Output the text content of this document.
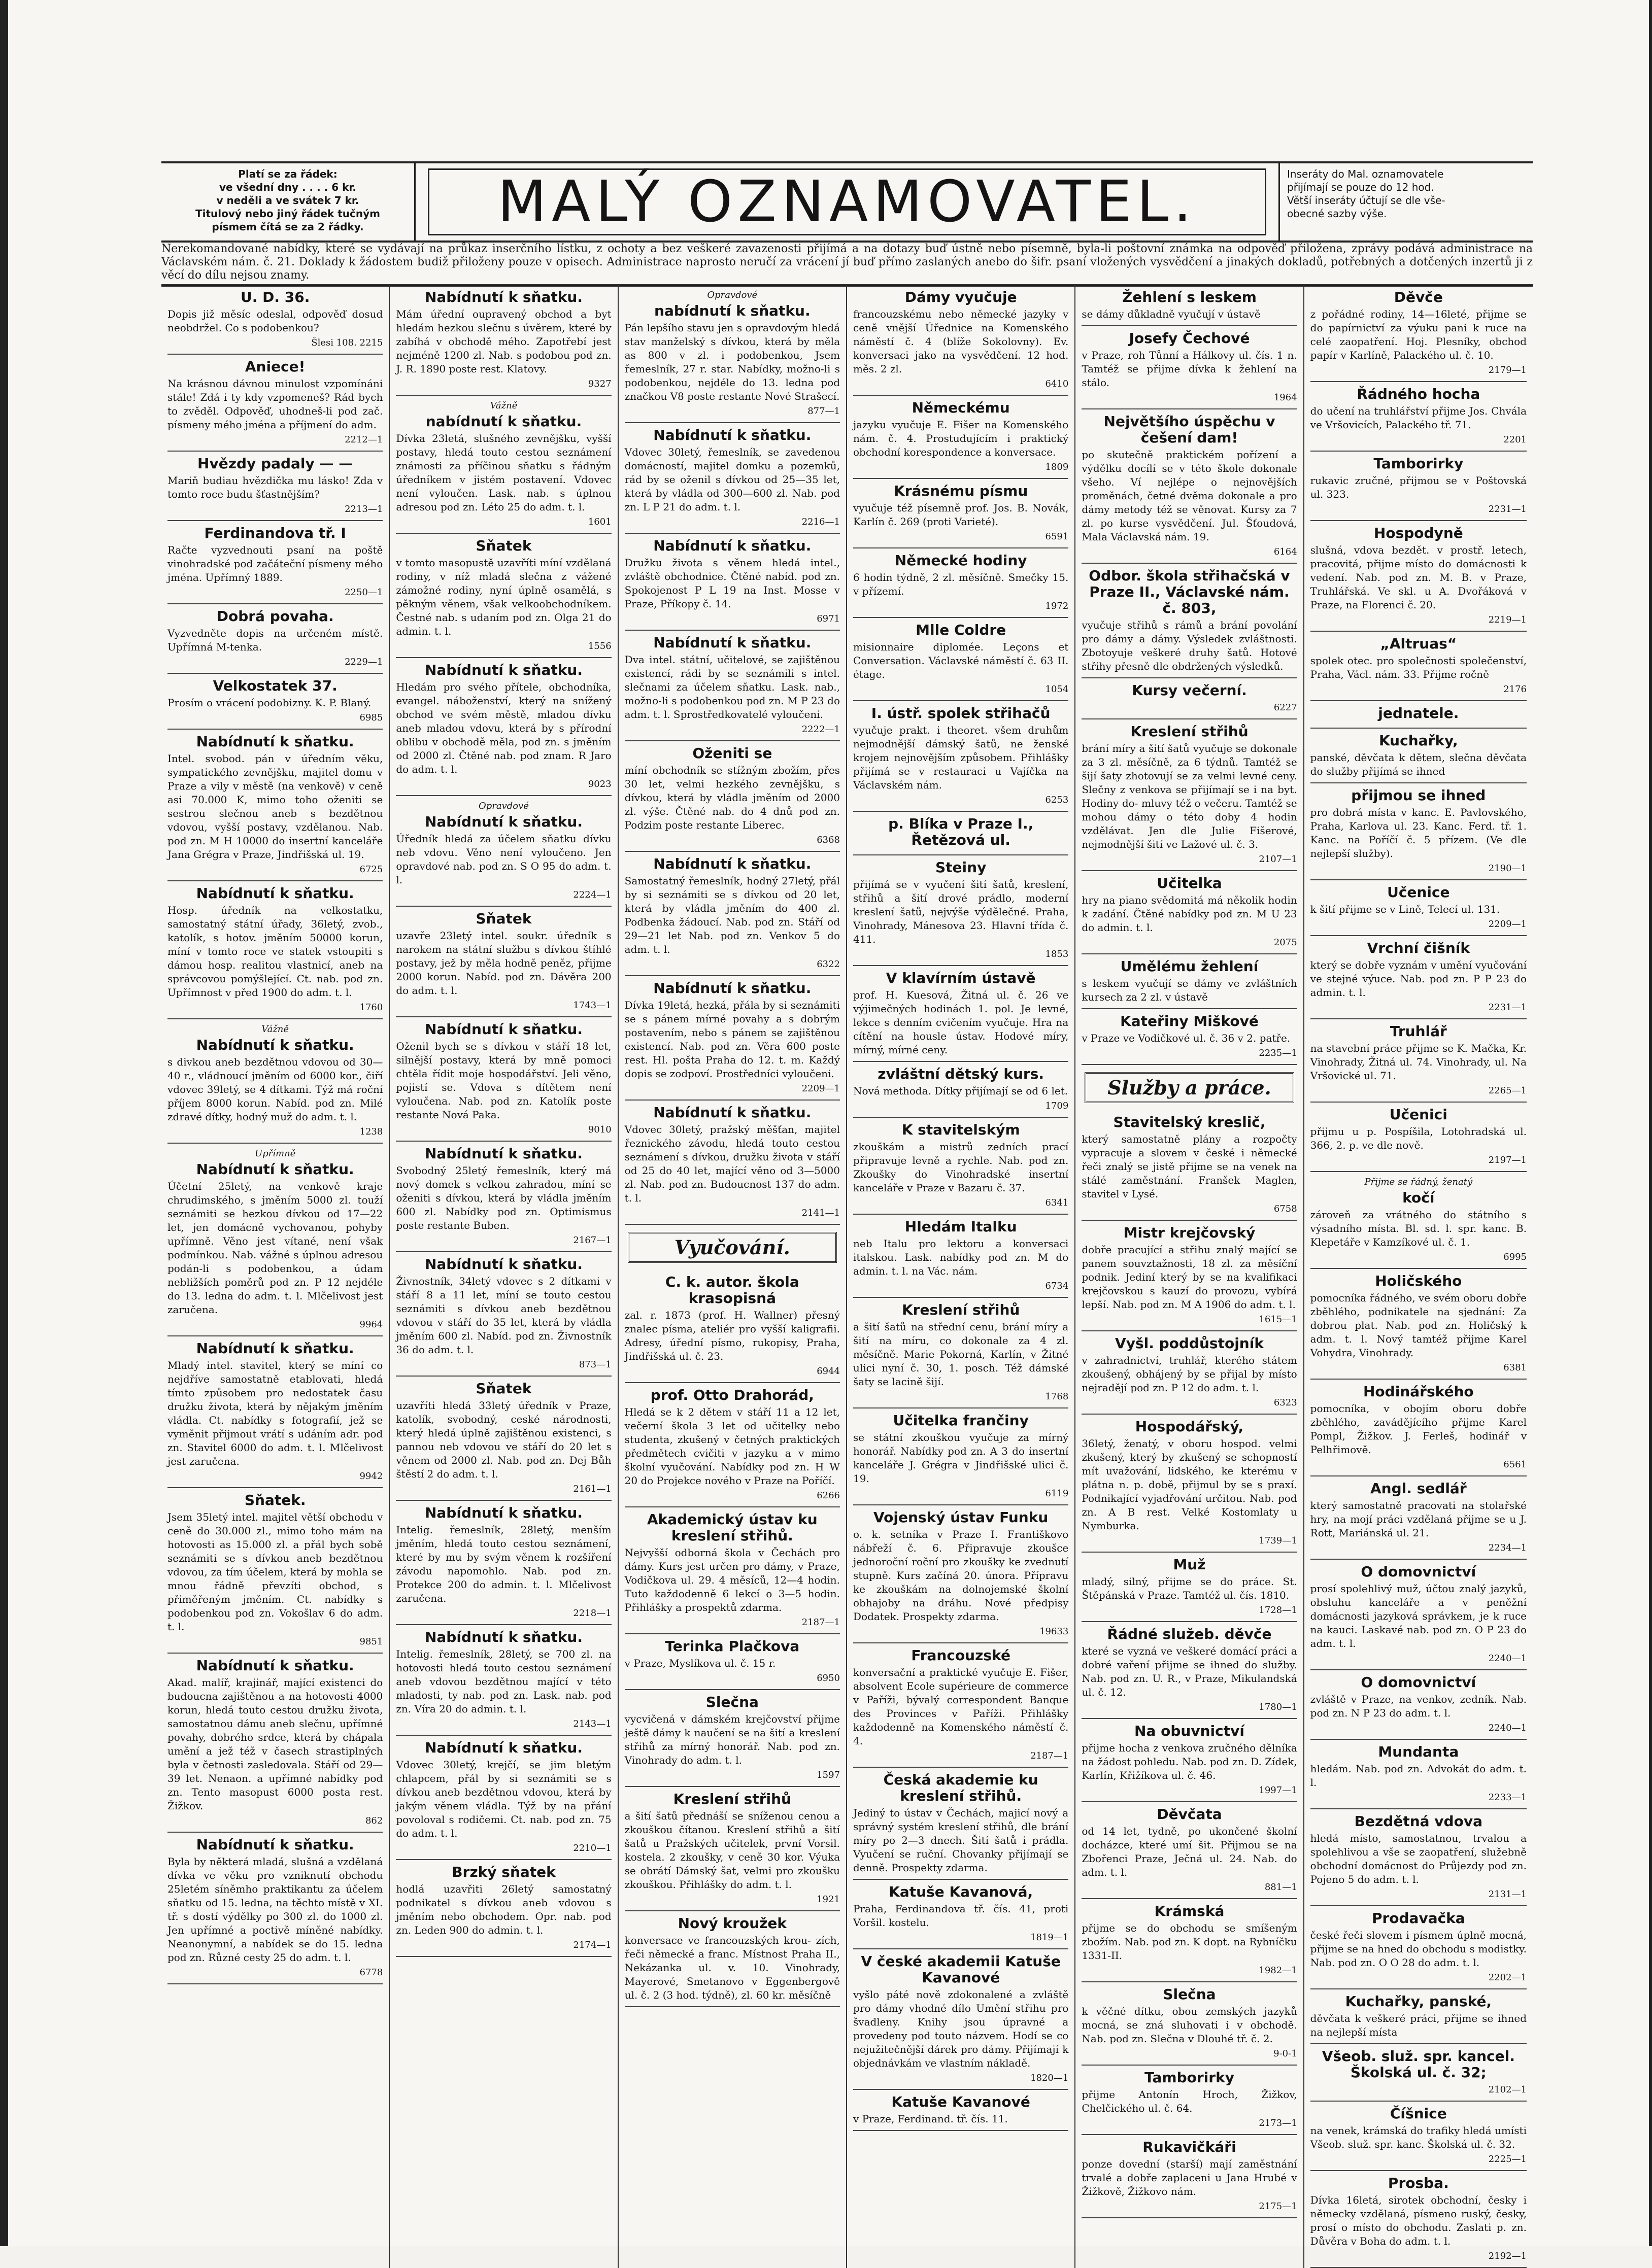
Platí se za řádek:
ve všední dny . . . . 6 kr.
v neděli a ve svátek 7 kr.
Titulový nebo jiný řádek tučným
písmem čítá se za 2 řádky.	MALÝ OZNAMOVATEL.	Inseráty do Mal. oznamovatele
přijímají se pouze do 12 hod.
Větší inseráty účtují se dle vše-
obecné sazby výše.
Nerekomandované nabídky, které se vydávají na průkaz inserčního lístku, z ochoty a bez veškeré zavazenosti přijímá a na dotazy buď ústně nebo písemně, byla-li poštovní známka na odpověď přiložena, zprávy podává administrace na Václavském nám. č. 21. Doklady k žádostem budiž přiloženy pouze v opisech. Administrace naprosto neručí za vrácení jí buď přímo zaslaných anebo do šifr. psaní vložených vysvědčení a jinakých dokladů, potřebných a dotčených inzertů ji z věcí do dílu nejsou znamy.
U. D. 36.

Dopis již měsíc odeslal, odpověď dosud neobdržel. Co s podobenkou?

Šlesi 108. 2215
Aniece!

Na krásnou dávnou minulost vzpomínáni stále! Zdá i ty kdy vzpomeneš? Rád bych to zvěděl. Odpověď, uhodneš-li pod zač. písmeny mého jména a příjmení do adm.

2212—1
Hvězdy padaly — —

Mariň budiau hvězdička mu lásko! Zda v tomto roce budu šťastnějším?

2213—1
Ferdinandova tř. I

Račte vyzvednouti psaní na poště vinohradské pod začáteční písmeny mého jména. Upřímný 1889.

2250—1
Dobrá povaha.

Vyzvedněte dopis na určeném místě. Upřímná M-tenka.

2229—1
Velkostatek 37.

Prosím o vrácení podobizny. K. P. Blaný.

6985
Nabídnutí k sňatku.

Intel. svobod. pán v úředním věku, sympatického zevnějšku, majitel domu v Praze a vily v městě (na venkově) v ceně asi 70.000 K, mimo toho oženiti se sestrou slečnou aneb s bezdětnou vdovou, vyšší postavy, vzdělanou. Nab. pod zn. M H 10000 do insertní kanceláře Jana Grégra v Praze, Jindřišská ul. 19.

6725
Nabídnutí k sňatku.

Hosp. úředník na velkostatku, samostatný státní úřady, 36letý, zvob., katolík, s hotov. jměním 50000 korun, míní v tomto roce ve statek vstoupiti s dámou hosp. realitou vlastnicí, aneb na správcovou pomýšlející. Ct. nab. pod zn. Upřímnost v před 1900 do adm. t. l.

1760
Vážně
Nabídnutí k sňatku.

s divkou aneb bezdětnou vdovou od 30—40 r., vládnoucí jměním od 6000 kor., čiří vdovec 39letý, se 4 dítkami. Týž má roční příjem 8000 korun. Nabíd. pod zn. Milé zdravé dítky, hodný muž do adm. t. l.

1238
Upřímně
Nabídnutí k sňatku.

Účetní 25letý, na venkově kraje chrudimského, s jměním 5000 zl. touží seznámiti se hezkou dívkou od 17—22 let, jen domácně vychovanou, pohyby upřímně. Věno jest vítané, není však podmínkou. Nab. vážné s úplnou adresou podán-li s podobenkou, a údam nebližších poměrů pod zn. P 12 nejdéle do 13. ledna do adm. t. l. Mlčelivost jest zaručena.

9964
Nabídnutí k sňatku.

Mladý intel. stavitel, který se míní co nejdříve samostatně etablovati, hledá tímto způsobem pro nedostatek času družku života, která by nějakým jměním vládla. Ct. nabídky s fotografií, jež se vyměnit přijmout vrátí s udáním adr. pod zn. Stavitel 6000 do adm. t. l. Mlčelivost jest zaručena.

9942
Sňatek.

Jsem 35letý intel. majitel větší obchodu v ceně do 30.000 zl., mimo toho mám na hotovosti as 15.000 zl. a přál bych sobě seznámiti se s dívkou aneb bezdětnou vdovou, za tím účelem, která by mohla se mnou řádně převzíti obchod, s přiměřeným jměním. Ct. nabídky s podobenkou pod zn. Vokošlav 6 do adm. t. l.

9851
Nabídnutí k sňatku.

Akad. malíř, krajinář, mající existenci do budoucna zajištěnou a na hotovosti 4000 korun, hledá touto cestou družku života, samostatnou dámu aneb slečnu, upřímné povahy, dobrého srdce, která by chápala umění a jež též v časech strastiplných byla v četnosti zasledovala. Stáří od 29—39 let. Nenaon. a upřímné nabídky pod zn. Tento masopust 6000 posta rest. Žižkov.

862
Nabídnutí k sňatku.

Byla by některá mladá, slušná a vzdělaná dívka ve věku pro vzniknutí obchodu 25letém síněmho praktikantu za účelem sňatku od 15. ledna, na těchto místě v XI. tř. s dostí výdělky po 300 zl. do 1000 zl. Jen upřímné a poctivě míněné nabídky. Neanonymní, a nabídek se do 15. ledna pod zn. Různé cesty 25 do adm. t. l.

6778
Nabídnutí k sňatku.

Mám úřední oupravený obchod a byt hledám hezkou slečnu s úvěrem, které by zabíhá v obchodě mého. Zapotřebí jest nejméně 1200 zl. Nab. s podobou pod zn. J. R. 1890 poste rest. Klatovy.

9327
Vážně
nabídnutí k sňatku.

Dívka 23letá, slušného zevnějšku, vyšší postavy, hledá touto cestou seznámení známosti za příčinou sňatku s řádným úředníkem v jistém postavení. Vdovec není vyloučen. Lask. nab. s úplnou adresou pod zn. Léto 25 do adm. t. l.

1601
Sňatek

v tomto masopustě uzavříti míní vzdělaná rodiny, v níž mladá slečna z vážené zámožné rodiny, nyní úplně osamělá, s pěkným věnem, však velkoobchodníkem. Čestné nab. s udaním pod zn. Olga 21 do admin. t. l.

1556
Nabídnutí k sňatku.

Hledám pro svého přítele, obchodníka, evangel. náboženství, který na snížený obchod ve svém městě, mladou dívku aneb mladou vdovu, která by s přírodní oblibu v obchodě měla, pod zn. s jměním od 2000 zl. Čtěné nab. pod znam. R Jaro do adm. t. l.

9023
Opravdové
Nabídnutí k sňatku.

Úředník hledá za účelem sňatku dívku neb vdovu. Věno není vyloučeno. Jen opravdové nab. pod zn. S O 95 do adm. t. l.

2224—1
Sňatek

uzavře 23letý intel. soukr. úředník s narokem na státní službu s dívkou štíhlé postavy, jež by měla hodně peněz, přijme 2000 korun. Nabíd. pod zn. Dávěra 200 do adm. t. l.

1743—1
Nabídnutí k sňatku.

Oženil bych se s dívkou v stáří 18 let, silnější postavy, která by mně pomoci chtěla řídit moje hospodářství. Jeli věno, pojistí se. Vdova s dítětem není vyloučena. Nab. pod zn. Katolík poste restante Nová Paka.

9010
Nabídnutí k sňatku.

Svobodný 25letý řemeslník, který má nový domek s velkou zahradou, míní se oženiti s dívkou, která by vládla jměním 600 zl. Nabídky pod zn. Optimismus poste restante Buben.

2167—1
Nabídnutí k sňatku.

Živnostník, 34letý vdovec s 2 dítkami v stáří 8 a 11 let, míní se touto cestou seznámiti s dívkou aneb bezdětnou vdovou v stáří do 35 let, která by vládla jměním 600 zl. Nabíd. pod zn. Živnostník 36 do adm. t. l.

873—1
Sňatek

uzavříti hledá 33letý úředník v Praze, katolík, svobodný, ceské národnosti, který hledá úplně zajištěnou existenci, s pannou neb vdovou ve stáří do 20 let s věnem od 2000 zl. Nab. pod zn. Dej Bůh štěstí 2 do adm. t. l.

2161—1
Nabídnutí k sňatku.

Intelig. řemeslník, 28letý, menším jměním, hledá touto cestou seznámení, které by mu by svým věnem k rozšíření závodu napomohlo. Nab. pod zn. Protekce 200 do admin. t. l. Mlčelivost zaručena.

2218—1
Nabídnutí k sňatku.

Intelig. řemeslník, 28letý, se 700 zl. na hotovosti hledá touto cestou seznámení aneb vdovou bezdětnou mající v této mladosti, ty nab. pod zn. Lask. nab. pod zn. Víra 20 do admin. t. l.

2143—1
Nabídnutí k sňatku.

Vdovec 30letý, krejčí, se jim bletým chlapcem, přál by si seznámiti se s dívkou aneb bezdětnou vdovou, která by jakým věnem vládla. Týž by na přání povoloval s rodičemi. Ct. nab. pod zn. 75 do adm. t. l.

2210—1
Brzký sňatek

hodlá uzavřiti 26letý samostatný podnikatel s dívkou aneb vdovou s jměním nebo obchodem. Opr. nab. pod zn. Leden 900 do admin. t. l.

2174—1
Opravdové
nabídnutí k sňatku.

Pán lepšího stavu jen s opravdovým hledá stav manželský s dívkou, která by měla as 800 v zl. i podobenkou, Jsem řemeslník, 27 r. star. Nabídky, možno-li s podobenkou, nejdéle do 13. ledna pod značkou V8 poste restante Nové Strašecí.

877—1
Nabídnutí k sňatku.

Vdovec 30letý, řemeslník, se zavedenou domácností, majitel domku a pozemků, rád by se oženil s dívkou od 25—35 let, která by vládla od 300—600 zl. Nab. pod zn. L P 21 do adm. t. l.

2216—1
Nabídnutí k sňatku.

Družku života s věnem hledá intel., zvláště obchodnice. Čtěné nabíd. pod zn. Spokojenost P L 19 na Inst. Mosse v Praze, Příkopy č. 14.

6971
Nabídnutí k sňatku.

Dva intel. státní, učitelové, se zajištěnou existencí, rádi by se seznámili s intel. slečnami za účelem sňatku. Lask. nab., možno-li s podobenkou pod zn. M P 23 do adm. t. l. Sprostředkovatelé vyloučeni.

2222—1
Oženiti se

míní obchodník se stížným zbožím, přes 30 let, velmi hezkého zevnějšku, s dívkou, která by vládla jměním od 2000 zl. výše. Čtěné nab. do 4 dnů pod zn. Podzim poste restante Liberec.

6368
Nabídnutí k sňatku.

Samostatný řemeslník, hodný 27letý, přál by si seznámiti se s dívkou od 20 let, která by vládla jměním do 400 zl. Podbenka žádoucí. Nab. pod zn. Stáří od 29—21 let Nab. pod zn. Venkov 5 do adm. t. l.

6322
Nabídnutí k sňatku.

Dívka 19letá, hezká, přála by si seznámiti se s pánem mírné povahy a s dobrým postavením, nebo s pánem se zajištěnou existencí. Nab. pod zn. Věra 600 poste rest. Hl. pošta Praha do 12. t. m. Každý dopis se zodpoví. Prostředníci vyloučeni.

2209—1
Nabídnutí k sňatku.

Vdovec 30letý, pražský měšťan, majitel řeznického závodu, hledá touto cestou seznámení s dívkou, družku života v stáří od 25 do 40 let, mající věno od 3—5000 zl. Nab. pod zn. Budoucnost 137 do adm. t. l.

2141—1
Vyučování.
C. k. autor. škola krasopisná

zal. r. 1873 (prof. H. Wallner) přesný znalec písma, ateliér pro vyšší kaligrafii. Adresy, úřední písmo, rukopisy, Praha, Jindřišská ul. č. 23.

6944
prof. Otto Drahorád,

Hledá se k 2 dětem v stáří 11 a 12 let, večerní škola 3 let od učitelky nebo studenta, zkušený v četných praktických předmětech cvičiti v jazyku a v mimo školní vyučování. Nabídky pod zn. H W 20 do Projekce nového v Praze na Poříčí.

6266
Akademický ústav ku kreslení střihů.

Nejvyšší odborná škola v Čechách pro dámy. Kurs jest určen pro dámy, v Praze, Vodičkova ul. 29. 4 měsíců, 12—4 hodin. Tuto každodenně 6 lekcí o 3—5 hodin. Přihlášky a prospektů zdarma.

2187—1
Terinka Plačkova

v Praze, Myslíkova ul. č. 15 r.

6950
Slečna

vycvičená v dámském krejčovství přijme ještě dámy k naučení se na šití a kreslení střihů za mírný honorář. Nab. pod zn. Vinohrady do adm. t. l.

1597
Kreslení střihů

a šití šatů přednáší se sníženou cenou a zkouškou čítanou. Kreslení střihů a šití šatů u Pražských učitelek, první Vorsil. kostela. 2 zkoušky, v ceně 30 kor. Výuka se obrátí Dámský šat, velmi pro zkoušku zkouškou. Přihlášky do adm. t. l.

1921
Nový kroužek

konversace ve francouzských krou- zích, řeči německé a franc. Místnost Praha II., Nekázanka ul. v. 10. Vinohrady, Mayerové, Smetanovo v Eggenbergově ul. č. 2 (3 hod. týdně), zl. 60 kr. měsíčně

Dámy vyučuje

francouzskému nebo německé jazyky v ceně vnější Úřednice na Komenského náměstí č. 4 (blíže Sokolovny). Ev. konversaci jako na vysvědčení. 12 hod. měs. 2 zl.

6410
Německému

jazyku vyučuje E. Fišer na Komenského nám. č. 4. Prostudujícím i praktický obchodní korespondence a konversace.

1809
Krásnému písmu

vyučuje též písemně prof. Jos. B. Novák, Karlín č. 269 (proti Varieté).

6591
Německé hodiny

6 hodin týdně, 2 zl. měsíčně. Smečky 15. v přízemí.

1972
Mlle Coldre

misionnaire diplomée. Leçons et Conversation. Václavské náměstí č. 63 II. étage.

1054
I. ústř. spolek střihačů

vyučuje prakt. i theoret. všem druhům nejmodnější dámský šatů, ne ženské krojem nejnovějším způsobem. Přihlášky přijímá se v restauraci u Vajíčka na Václavském nám.

6253
p. Blíka v Praze I., Řetězová ul.
Steiny

přijímá se v vyučení šití šatů, kreslení, střihů a šití drové prádlo, moderní kreslení šatů, nejvýše výdělečné. Praha, Vinohrady, Mánesova 23. Hlavní třída č. 411.

1853
V klavírním ústavě

prof. H. Kuesová, Žitná ul. č. 26 ve výjimečných hodinách 1. pol. Je levné, lekce s denním cvičením vyučuje. Hra na cítění na housle ústav. Hodové míry, mírný, mírné ceny.

zvláštní dětský kurs.

Nová methoda. Dítky přijímají se od 6 let.

1709
K stavitelským

zkouškám a mistrů zedních prací připravuje levně a rychle. Nab. pod zn. Zkoušky do Vinohradské insertní kanceláře v Praze v Bazaru č. 37.

6341
Hledám Italku

neb Italu pro lektoru a konversaci italskou. Lask. nabídky pod zn. M do admin. t. l. na Vác. nám.

6734
Kreslení střihů

a šití šatů na střední cenu, brání míry a šití na míru, co dokonale za 4 zl. měsíčně. Marie Pokorná, Karlín, v Žitné ulici nyní č. 30, 1. posch. Též dámské šaty se lacině šijí.

1768
Učitelka frančiny

se státní zkouškou vyučuje za mírný honorář. Nabídky pod zn. A 3 do insertní kanceláře J. Grégra v Jindřišské ulici č. 19.

6119
Vojenský ústav Funku

o. k. setníka v Praze I. Františkovo nábřeží č. 6. Připravuje zkoušce jednoroční roční pro zkoušky ke zvednutí stupně. Kurs začíná 20. února. Přípravu ke zkouškám na dolnojemské školní obhajoby na dráhu. Nové předpisy Dodatek. Prospekty zdarma.

19633
Francouzské

konversační a praktické vyučuje E. Fišer, absolvent Ecole supérieure de commerce v Paříži, bývalý correspondent Banque des Provinces v Paříži. Přihlášky každodenně na Komenského náměstí č. 4.

2187—1
Česká akademie ku kreslení střihů.

Jediný to ústav v Čechách, majicí nový a správný systém kreslení střihů, dle brání míry po 2—3 dnech. Šití šatů i prádla. Vyučení se ruční. Chovanky přijímají se denně. Prospekty zdarma.

Katuše Kavanová,

Praha, Ferdinandova tř. čís. 41, proti Voršil. kostelu.

1819—1
V české akademii Katuše Kavanové

vyšlo páté nově zdokonalené a zvláště pro dámy vhodné dílo Umění střihu pro švadleny. Knihy jsou úpravné a provedeny pod touto názvem. Hodí se co nejužitečnější dárek pro dámy. Přijímají k objednávkám ve vlastním nákladě.

1820—1
Katuše Kavanové

v Praze, Ferdinand. tř. čís. 11.

Žehlení s leskem

se dámy důkladně vyučují v ústavě

Josefy Čechové

v Praze, roh Tůnní a Hálkovy ul. čís. 1 n. Tamtéž se přijme dívka k žehlení na stálo.

1964
Největšího úspěchu v češení dam!

po skutečně praktickém pořízení a výdělku docílí se v této škole dokonale všeho. Ví nejlépe o nejnovějších proměnách, četné dvěma dokonale a pro dámy metody též se věnovat. Kursy za 7 zl. po kurse vysvědčení. Jul. Šťoudová, Mala Václavská nám. 19.

6164
Odbor. škola střihačská v Praze II., Václavské nám. č. 803,

vyučuje střihů s rámů a brání povolání pro dámy a dámy. Výsledek zvláštnosti. Zbotoyuje veškeré druhy šatů. Hotové střihy přesně dle obdržených výsledků.

Kursy večerní.
6227
Kreslení střihů

brání míry a šití šatů vyučuje se dokonale za 3 zl. měsíčně, za 6 týdnů. Tamtéž se šijí šaty zhotovují se za velmi levné ceny. Slečny z venkova se přijímají se i na byt. Hodiny do- mluvy též o večeru. Tamtéž se mohou dámy o této doby 4 hodin vzdělávat. Jen dle Julie Fišerové, nejmodnější šití ve Lažové ul. č. 3.

2107—1
Učitelka

hry na piano svědomitá má několik hodin k zadání. Čtěné nabídky pod zn. M U 23 do admin. t. l.

2075
Umělému žehlení

s leskem vyučují se dámy ve zvláštních kursech za 2 zl. v ústavě

Kateřiny Miškové

v Praze ve Vodičkové ul. č. 36 v 2. patře.

2235—1
Služby a práce.
Stavitelský kreslič,

který samostatně plány a rozpočty vypracuje a slovem v české i německé řeči znalý se jistě přijme se na venek na stálé zaměstnání. Franšek Maglen, stavitel v Lysé.

6758
Mistr krejčovský

dobře pracující a střihu znalý mající se panem souvztažnosti, 18 zl. za měsíční podnik. Jediní který by se na kvalifikaci krejčovskou s kauzí do provozu, vybírá lepší. Nab. pod zn. M A 1906 do adm. t. l.

1615—1
Vyšl. poddůstojník

v zahradnictví, truhlář, kterého státem zkoušený, obhájený by se přijal by místo nejradějí pod zn. P 12 do adm. t. l.

6323
Hospodářský,

36letý, ženatý, v oboru hospod. velmi zkušený, který by zkušený se schopností mít uvažování, lidského, ke kterému v plátna n. p. době, přijmul by se s praxí. Podnikající vyjadřování určitou. Nab. pod zn. A B rest. Velké Kostomlaty u Nymburka.

1739—1
Muž

mladý, silný, přijme se do práce. St. Štěpánská v Praze. Tamtéž ul. čís. 1810.

1728—1
Řádné služeb. děvče

které se vyzná ve veškeré domácí práci a dobré vaření přijme se ihned do služby. Nab. pod zn. U. R., v Praze, Mikulandská ul. č. 12.

1780—1
Na obuvnictví

přijme hocha z venkova zručného dělníka na žádost pohledu. Nab. pod zn. D. Zídek, Karlín, Křižíkova ul. č. 46.

1997—1
Děvčata

od 14 let, tydně, po ukončené školní docházce, které umí šit. Přijmou se na Zbořenci Praze, Ječná ul. 24. Nab. do adm. t. l.

881—1
Krámská

přijme se do obchodu se smíšeným zbožím. Nab. pod zn. K dopt. na Rybníčku 1331-II.

1982—1
Slečna

k věčné dítku, obou zemských jazyků mocná, se zná sluhovati i v obchodě. Nab. pod zn. Slečna v Dlouhé tř. č. 2.

9-0-1
Tamborirky

přijme Antonín Hroch, Žižkov, Chelčického ul. č. 64.

2173—1
Rukavičkáři

ponze dovední (starší) mají zaměstnání trvalé a dobře zaplaceni u Jana Hrubé v Žižkově, Žižkovo nám.

2175—1
Děvče

z pořádné rodiny, 14—16leté, přijme se do papírnictví za výuku pani k ruce na celé zaopatření. Hoj. Plesníky, obchod papír v Karlíně, Palackého ul. č. 10.

2179—1
Řádného hocha

do učení na truhlářství přijme Jos. Chvála ve Vršovicích, Palackého tř. 71.

2201
Tamborirky

rukavic zručné, přijmou se v Poštovská ul. 323.

2231—1
Hospodyně

slušná, vdova bezdět. v prostř. letech, pracovitá, přijme místo do domácnosti k vedení. Nab. pod zn. M. B. v Praze, Truhlářská. Ve skl. u A. Dvořáková v Praze, na Florenci č. 20.

2219—1
„Altruas“

spolek otec. pro společnosti společenství, Praha, Václ. nám. 33. Přijme ročně

2176
jednatele.
Kuchařky,

panské, děvčata k dětem, slečna děvčata do služby přijímá se ihned

přijmou se ihned

pro dobrá místa v kanc. E. Pavlovského, Praha, Karlova ul. 23. Kanc. Ferd. tř. 1. Kanc. na Poříčí č. 5 přízem. (Ve dle nejlepší služby).

2190—1
Učenice

k šití přijme se v Lině, Telecí ul. 131.

2209—1
Vrchní čišník

který se dobře vyznám v umění vyučování ve stejné výuce. Nab. pod zn. P P 23 do admin. t. l.

2231—1
Truhlář

na stavební práce přijme se K. Mačka, Kr. Vinohrady, Žitná ul. 74. Vinohrady, ul. Na Vršovické ul. 71.

2265—1
Učenici

přijmu u p. Pospíšila, Lotohradská ul. 366, 2. p. ve dle nově.

2197—1
Přijme se řádný, ženatý
kočí

zároveň za vrátného do státního s výsadního místa. Bl. sd. l. spr. kanc. B. Klepetáře v Kamzíkové ul. č. 1.

6995
Holičského

pomocníka řádného, ve svém oboru dobře zběhlého, podnikatele na sjednání: Za dobrou plat. Nab. pod zn. Holičský k adm. t. l. Nový tamtéž přijme Karel Vohydra, Vinohrady.

6381
Hodinářského

pomocníka, v obojím oboru dobře zběhlého, zavádějícího přijme Karel Pompl, Žižkov. J. Ferleš, hodinář v Pelhřimově.

6561
Angl. sedlář

který samostatně pracovati na stolařské hry, na mojí práci vzdělaná přijme se u J. Rott, Mariánská ul. 21.

2234—1
O domovnictví

prosí spolehlivý muž, účtou znalý jazyků, obsluhu kanceláře a v peněžní domácnosti jazyková správkem, je k ruce na kauci. Laskavé nab. pod zn. O P 23 do adm. t. l.

2240—1
O domovnictví

zvláště v Praze, na venkov, zedník. Nab. pod zn. N P 23 do adm. t. l.

2240—1
Mundanta

hledám. Nab. pod zn. Advokát do adm. t. l.

2233—1
Bezdětná vdova

hledá místo, samostatnou, trvalou a spolehlivou a vše se zaopatření, služebně obchodní domácnost do Průjezdy pod zn. Pojeno 5 do adm. t. l.

2131—1
Prodavačka

české řeči slovem i písmem úplně mocná, přijme se na hned do obchodu s modistky. Nab. pod zn. O O 28 do adm. t. l.

2202—1
Kuchařky, panské,

děvčata k veškeré práci, přijme se ihned na nejlepší místa

Všeob. služ. spr. kancel. Školská ul. č. 32;
2102—1
Číšnice

na venek, krámská do trafiky hledá umísti Všeob. služ. spr. kanc. Školská ul. č. 32.

2225—1
Prosba.

Dívka 16letá, sirotek obchodní, česky i německy vzdělaná, písmeno ruský, česky, prosí o místo do obchodu. Zaslati p. zn. Důvěra v Boha do adm. t. l.

2192—1
